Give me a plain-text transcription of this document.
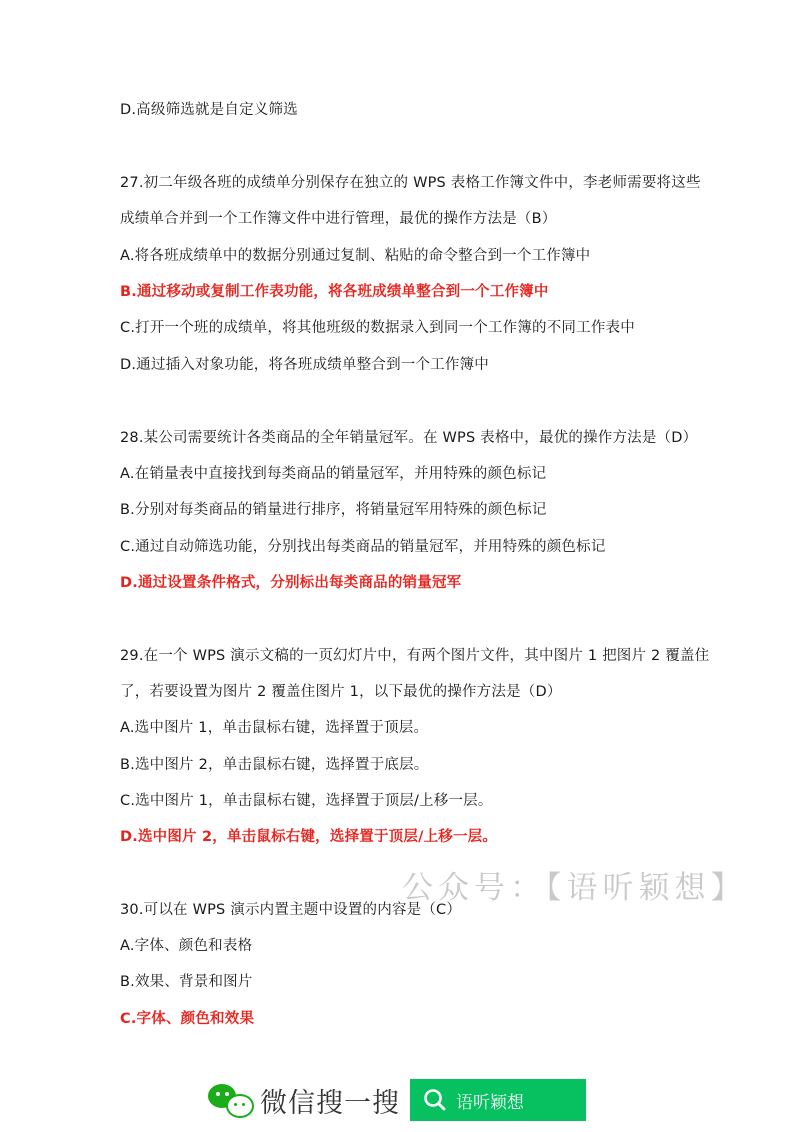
D.高级筛选就是自定义筛选
27.初二年级各班的成绩单分别保存在独立的 WPS 表格工作簿文件中，李老师需要将这些
成绩单合并到一个工作簿文件中进行管理，最优的操作方法是（B）
A.将各班成绩单中的数据分别通过复制、粘贴的命令整合到一个工作簿中
B.通过移动或复制工作表功能，将各班成绩单整合到一个工作簿中
C.打开一个班的成绩单，将其他班级的数据录入到同一个工作簿的不同工作表中
D.通过插入对象功能，将各班成绩单整合到一个工作簿中
28.某公司需要统计各类商品的全年销量冠军。在 WPS 表格中，最优的操作方法是（D）
A.在销量表中直接找到每类商品的销量冠军，并用特殊的颜色标记
B.分别对每类商品的销量进行排序，将销量冠军用特殊的颜色标记
C.通过自动筛选功能，分别找出每类商品的销量冠军，并用特殊的颜色标记
D.通过设置条件格式，分别标出每类商品的销量冠军
29.在一个 WPS 演示文稿的一页幻灯片中，有两个图片文件，其中图片 1 把图片 2 覆盖住
了，若要设置为图片 2 覆盖住图片 1，以下最优的操作方法是（D）
A.选中图片 1，单击鼠标右键，选择置于顶层。
B.选中图片 2，单击鼠标右键，选择置于底层。
C.选中图片 1，单击鼠标右键，选择置于顶层/上移一层。
D.选中图片 2，单击鼠标右键，选择置于顶层/上移一层。
公众号：【语听颖想】
30.可以在 WPS 演示内置主题中设置的内容是（C）
A.字体、颜色和表格
B.效果、背景和图片
C.字体、颜色和效果
微信搜一搜	语听颖想
